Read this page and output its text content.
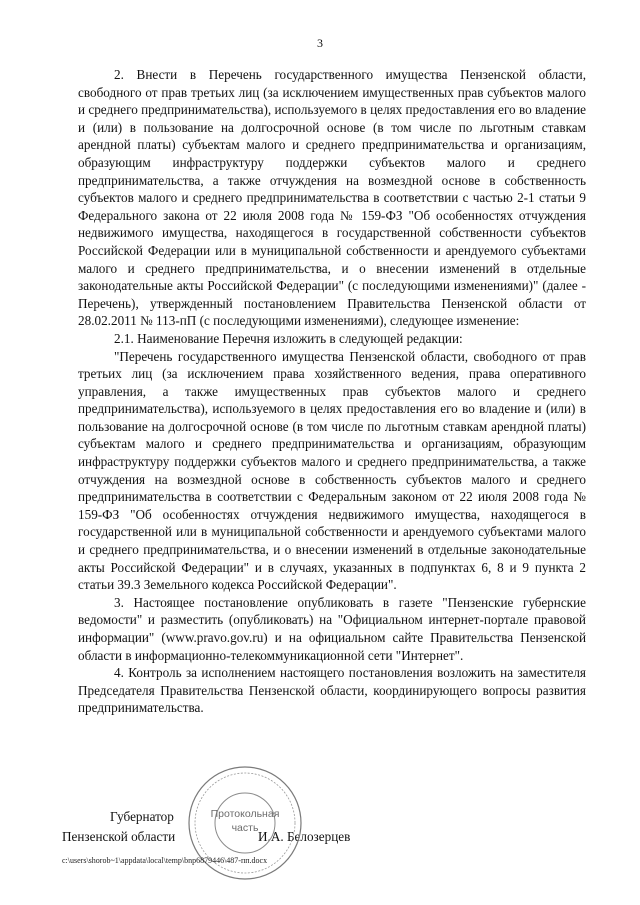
3

2. Внести в Перечень государственного имущества Пензенской области, свободного от прав третьих лиц (за исключением имущественных прав субъектов малого и среднего предпринимательства), используемого в целях предоставления его во владение и (или) в пользование на долгосрочной основе (в том числе по льготным ставкам арендной платы) субъектам малого и среднего предпринимательства и организациям, образующим инфраструктуру поддержки субъектов малого и среднего предпринимательства, а также отчуждения на возмездной основе в собственность субъектов малого и среднего предпринимательства в соответствии с частью 2-1 статьи 9 Федерального закона от 22 июля 2008 года № 159-ФЗ "Об особенностях отчуждения недвижимого имущества, находящегося в государственной собственности субъектов Российской Федерации или в муниципальной собственности и арендуемого субъектами малого и среднего предпринимательства, и о внесении изменений в отдельные законодательные акты Российской Федерации" (с последующими изменениями)" (далее - Перечень), утвержденный постановлением Правительства Пензенской области от 28.02.2011 № 113-пП (с последующими изменениями), следующее изменение:

2.1. Наименование Перечня изложить в следующей редакции:

"Перечень государственного имущества Пензенской области, свободного от прав третьих лиц (за исключением права хозяйственного ведения, права оперативного управления, а также имущественных прав субъектов малого и среднего предпринимательства), используемого в целях предоставления его во владение и (или) в пользование на долгосрочной основе (в том числе по льготным ставкам арендной платы) субъектам малого и среднего предпринимательства и организациям, образующим инфраструктуру поддержки субъектов малого и среднего предпринимательства, а также отчуждения на возмездной основе в собственность субъектов малого и среднего предпринимательства в соответствии с Федеральным законом от 22 июля 2008 года № 159-ФЗ "Об особенностях отчуждения недвижимого имущества, находящегося в государственной или в муниципальной собственности и арендуемого субъектами малого и среднего предпринимательства, и о внесении изменений в отдельные законодательные акты Российской Федерации" и в случаях, указанных в подпунктах 6, 8 и 9 пункта 2 статьи 39.3 Земельного кодекса Российской Федерации".

3. Настоящее постановление опубликовать в газете "Пензенские губернские ведомости" и разместить (опубликовать) на "Официальном интернет-портале правовой информации" (www.pravo.gov.ru) и на официальном сайте Правительства Пензенской области в информационно-телекоммуникационной сети "Интернет".

4. Контроль за исполнением настоящего постановления возложить на заместителя Председателя Правительства Пензенской области, координирующего вопросы развития предпринимательства.

Губернатор
Пензенской области	И.А. Белозерцев
Протокольная
часть
c:\users\shorob~1\appdata\local\temp\bnp6879446\487-пп.docx
